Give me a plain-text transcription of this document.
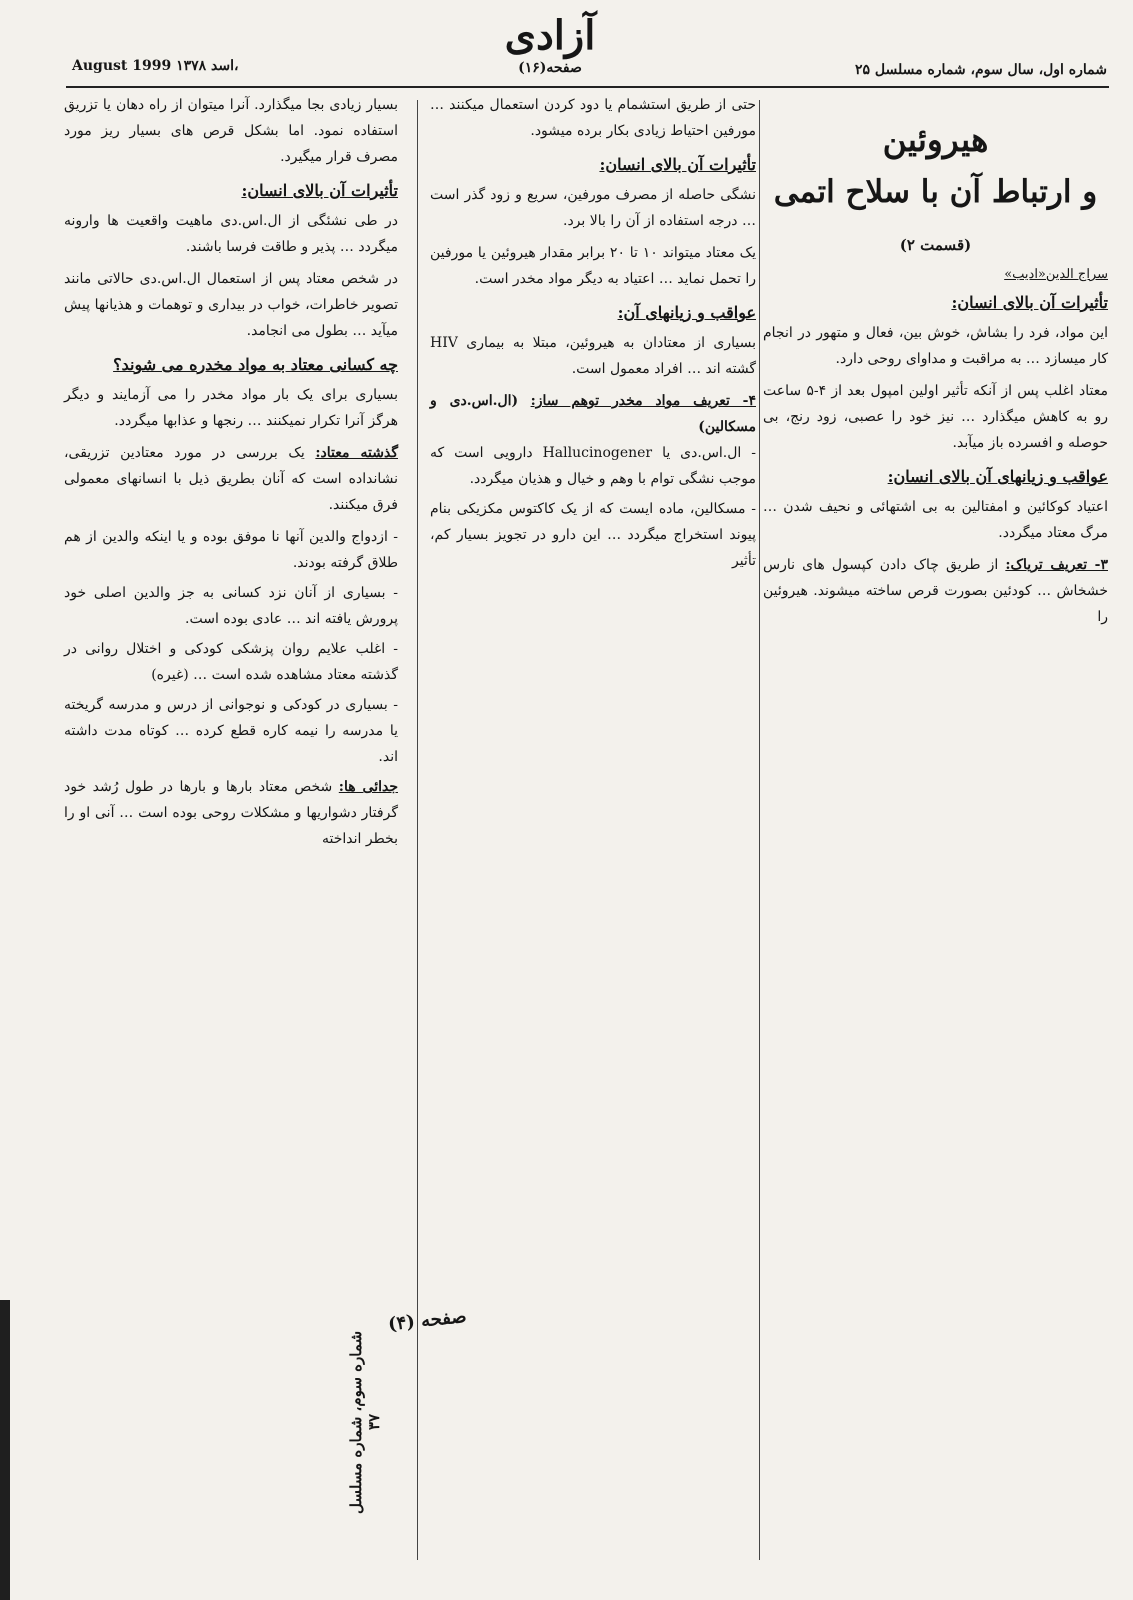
آزادی
صفحه(۱۶)	شماره اول، سال سوم، شماره مسلسل ۲۵
August 1999 اسد ۱۳۷۸،
هیروئین
و ارتباط آن با سلاح اتمی
(قسمت ۲)
سراج الدین«ادیب»
تأثیرات آن بالای انسان:

این مواد، فرد را بشاش، خوش بین، فعال و متهور در انجام کار میسازد … به مراقبت و مداوای روحی دارد.

معتاد اغلب پس از آنکه تأثیر اولین امپول بعد از ۴-۵ ساعت رو به کاهش میگذارد … نیز خود را عصبی، زود رنج، بی حوصله و افسرده باز میآبد.

عواقب و زیانهای آن بالای انسان:

اعتیاد کوکائین و امفتالین به بی اشتهائی و نحیف شدن … مرگ معتاد میگردد.

۳- تعریف تریاک: از طریق چاک دادن کپسول های نارس خشخاش … کودئین بصورت قرص ساخته میشوند. هیروئین را

حتی از طریق استشمام یا دود کردن استعمال میکنند … مورفین احتیاط زیادی بکار برده میشود.

تأثیرات آن بالای انسان:

نشگی حاصله از مصرف مورفین، سریع و زود گذر است … درجه استفاده از آن را بالا برد.

یک معتاد میتواند ۱۰ تا ۲۰ برابر مقدار هیروئین یا مورفین را تحمل نماید … اعتیاد به دیگر مواد مخدر است.

عواقب و زیانهای آن:

بسیاری از معتادان به هیروئین، مبتلا به بیماری HIV گشته اند … افراد معمول است.

۴- تعریف مواد مخدر توهم ساز: (ال.اس.دی و مسکالین)

- ال.اس.دی یا Hallucinogener دارویی است که موجب نشگی توام با وهم و خیال و هذیان میگردد.

- مسکالین، ماده ایست که از یک کاکتوس مکزیکی بنام پیوند استخراج میگردد … این دارو در تجویز بسیار کم، تأثیر

بسیار زیادی بجا میگذارد. آنرا میتوان از راه دهان یا تزریق استفاده نمود. اما بشکل قرص های بسیار ریز مورد مصرف قرار میگیرد.

تأثیرات آن بالای انسان:

در طی نشئگی از ال.اس.دی ماهیت واقعیت ها وارونه میگردد … پذیر و طاقت فرسا باشند.

در شخص معتاد پس از استعمال ال.اس.دی حالاتی مانند تصویر خاطرات، خواب در بیداری و توهمات و هذیانها پیش میآید … بطول می انجامد.

چه کسانی معتاد به مواد مخدره می شوند؟

بسیاری برای یک بار مواد مخدر را می آزمایند و دیگر هرگز آنرا تکرار نمیکنند … رنجها و عذابها میگردد.

گذشته معتاد: یک بررسی در مورد معتادین تزریقی، نشانداده است که آنان بطریق ذیل با انسانهای معمولی فرق میکنند.

- ازدواج والدین آنها نا موفق بوده و یا اینکه والدین از هم طلاق گرفته بودند.

- بسیاری از آنان نزد کسانی به جز والدین اصلی خود پرورش یافته اند … عادی بوده است.

- اغلب علایم روان پزشکی کودکی و اختلال روانی در گذشته معتاد مشاهده شده است … (غیره)

- بسیاری در کودکی و نوجوانی از درس و مدرسه گریخته یا مدرسه را نیمه کاره قطع کرده … کوتاه مدت داشته اند.

جدائی ها: شخص معتاد بارها و بارها در طول رُشد خود گرفتار دشواریها و مشکلات روحی بوده است … آنی او را بخطر انداخته

شماره سوم، شماره مسلسل ۳۷
صفحه (۴)
